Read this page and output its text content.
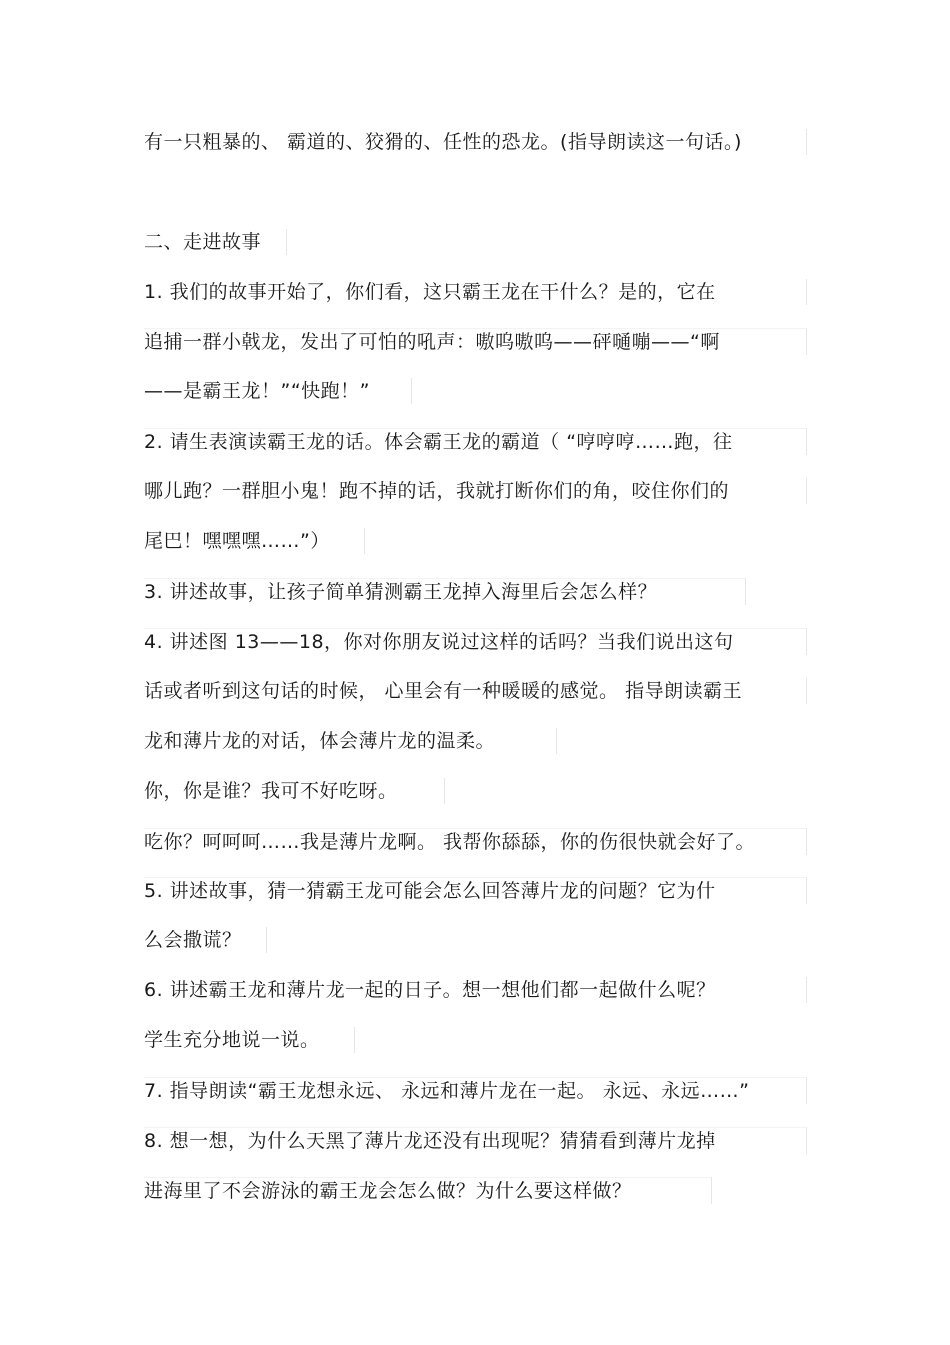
有一只粗暴的、 霸道的、狡猾的、任性的恐龙。(指导朗读这一句话。)
二、走进故事
1. 我们的故事开始了，你们看，这只霸王龙在干什么？是的，它在
追捕一群小戟龙，发出了可怕的吼声：嗷呜嗷呜——砰嗵嘣——“啊
——是霸王龙！”“快跑！”
2. 请生表演读霸王龙的话。体会霸王龙的霸道（ “哼哼哼……跑，往
哪儿跑？一群胆小鬼！跑不掉的话，我就打断你们的角，咬住你们的
尾巴！嘿嘿嘿……”）
3. 讲述故事，让孩子简单猜测霸王龙掉入海里后会怎么样？
4. 讲述图 13——18，你对你朋友说过这样的话吗？当我们说出这句
话或者听到这句话的时候， 心里会有一种暖暖的感觉。 指导朗读霸王
龙和薄片龙的对话，体会薄片龙的温柔。
你，你是谁？我可不好吃呀。
吃你？呵呵呵……我是薄片龙啊。 我帮你舔舔，你的伤很快就会好了。
5. 讲述故事，猜一猜霸王龙可能会怎么回答薄片龙的问题？它为什
么会撒谎？
6. 讲述霸王龙和薄片龙一起的日子。想一想他们都一起做什么呢？
学生充分地说一说。
7. 指导朗读“霸王龙想永远、 永远和薄片龙在一起。 永远、永远……”
8. 想一想，为什么天黑了薄片龙还没有出现呢？猜猜看到薄片龙掉
进海里了不会游泳的霸王龙会怎么做？为什么要这样做？
